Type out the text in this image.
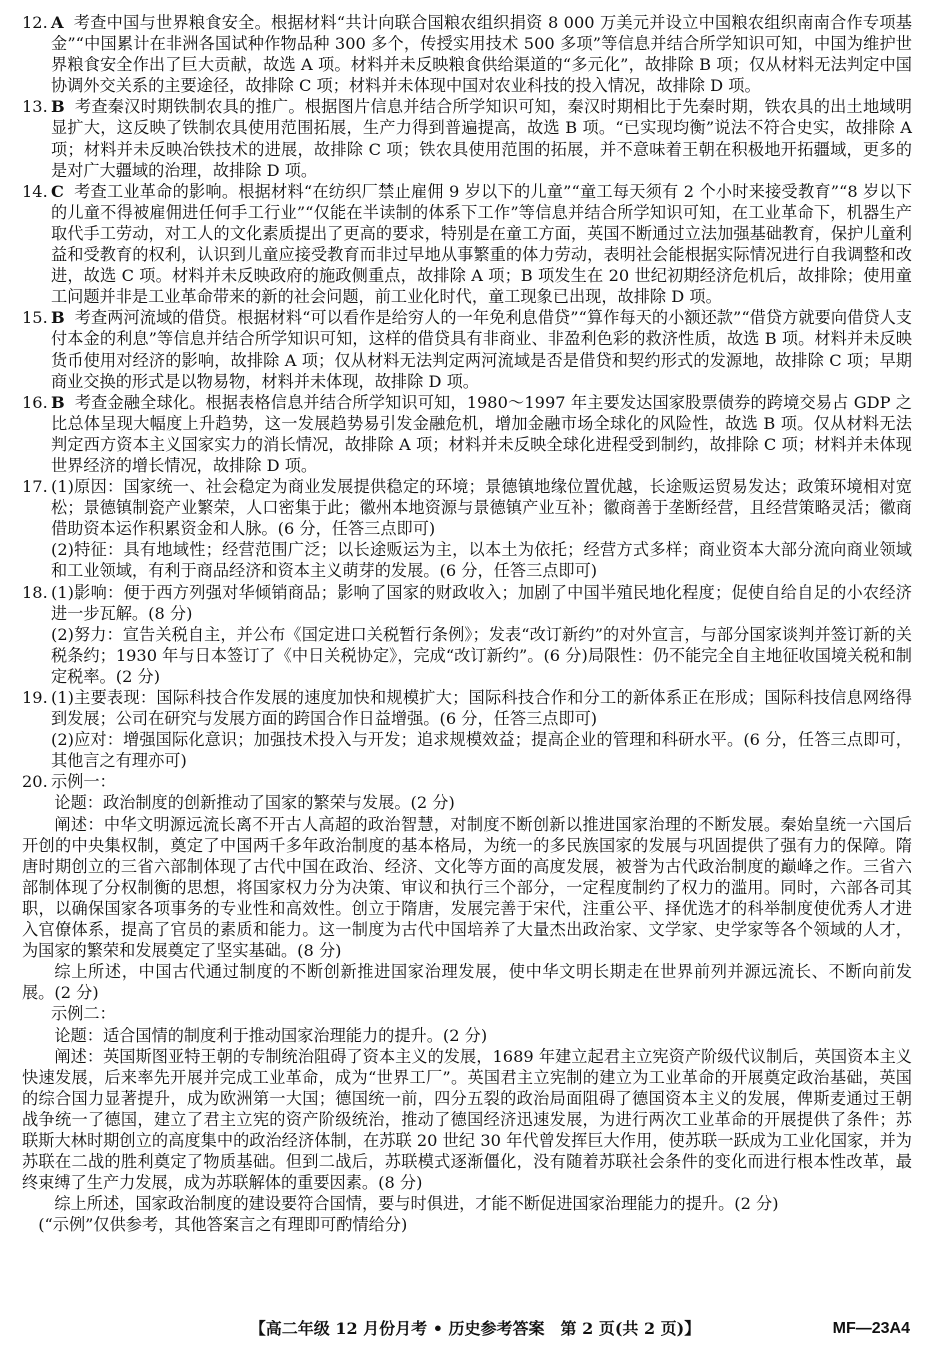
12. A 考查中国与世界粮食安全。根据材料“共计向联合国粮农组织捐资 8 000 万美元并设立中国粮农组织南南合作专项基金”“中国累计在非洲各国试种作物品种 300 多个，传授实用技术 500 多项”等信息并结合所学知识可知，中国为维护世界粮食安全作出了巨大贡献，故选 A 项。材料并未反映粮食供给渠道的“多元化”，故排除 B 项；仅从材料无法判定中国协调外交关系的主要途径，故排除 C 项；材料并未体现中国对农业科技的投入情况，故排除 D 项。
13. B 考查秦汉时期铁制农具的推广。根据图片信息并结合所学知识可知，秦汉时期相比于先秦时期，铁农具的出土地域明显扩大，这反映了铁制农具使用范围拓展，生产力得到普遍提高，故选 B 项。“已实现均衡”说法不符合史实，故排除 A 项；材料并未反映冶铁技术的进展，故排除 C 项；铁农具使用范围的拓展，并不意味着王朝在积极地开拓疆域，更多的是对广大疆域的治理，故排除 D 项。
14. C 考查工业革命的影响。根据材料“在纺织厂禁止雇佣 9 岁以下的儿童”“童工每天须有 2 个小时来接受教育”“8 岁以下的儿童不得被雇佣进任何手工行业”“仅能在半读制的体系下工作”等信息并结合所学知识可知，在工业革命下，机器生产取代手工劳动，对工人的文化素质提出了更高的要求，特别是在童工方面，英国不断通过立法加强基础教育，保护儿童利益和受教育的权利，认识到儿童应接受教育而非过早地从事繁重的体力劳动，表明社会能根据实际情况进行自我调整和改进，故选 C 项。材料并未反映政府的施政侧重点，故排除 A 项；B 项发生在 20 世纪初期经济危机后，故排除；使用童工问题并非是工业革命带来的新的社会问题，前工业化时代，童工现象已出现，故排除 D 项。
15. B 考查两河流域的借贷。根据材料“可以看作是给穷人的一年免利息借贷”“算作每天的小额还款”“借贷方就要向借贷人支付本金的利息”等信息并结合所学知识可知，这样的借贷具有非商业、非盈利色彩的救济性质，故选 B 项。材料并未反映货币使用对经济的影响，故排除 A 项；仅从材料无法判定两河流域是否是借贷和契约形式的发源地，故排除 C 项；早期商业交换的形式是以物易物，材料并未体现，故排除 D 项。
16. B 考查金融全球化。根据表格信息并结合所学知识可知，1980～1997 年主要发达国家股票债券的跨境交易占 GDP 之比总体呈现大幅度上升趋势，这一发展趋势易引发金融危机，增加金融市场全球化的风险性，故选 B 项。仅从材料无法判定西方资本主义国家实力的消长情况，故排除 A 项；材料并未反映全球化进程受到制约，故排除 C 项；材料并未体现世界经济的增长情况，故排除 D 项。
17. (1)原因：国家统一、社会稳定为商业发展提供稳定的环境；景德镇地缘位置优越，长途贩运贸易发达；政策环境相对宽松；景德镇制瓷产业繁荣，人口密集于此；徽州本地资源与景德镇产业互补；徽商善于垄断经营，且经营策略灵活；徽商借助资本运作积累资金和人脉。(6 分，任答三点即可)
(2)特征：具有地域性；经营范围广泛；以长途贩运为主，以本土为依托；经营方式多样；商业资本大部分流向商业领域和工业领域，有利于商品经济和资本主义萌芽的发展。(6 分，任答三点即可)
18. (1)影响：便于西方列强对华倾销商品；影响了国家的财政收入；加剧了中国半殖民地化程度；促使自给自足的小农经济进一步瓦解。(8 分)
(2)努力：宣告关税自主，并公布《国定进口关税暂行条例》；发表“改订新约”的对外宣言，与部分国家谈判并签订新的关税条约；1930 年与日本签订了《中日关税协定》，完成“改订新约”。(6 分)局限性：仍不能完全自主地征收国境关税和制定税率。(2 分)
19. (1)主要表现：国际科技合作发展的速度加快和规模扩大；国际科技合作和分工的新体系正在形成；国际科技信息网络得到发展；公司在研究与发展方面的跨国合作日益增强。(6 分，任答三点即可)
(2)应对：增强国际化意识；加强技术投入与开发；追求规模效益；提高企业的管理和科研水平。(6 分，任答三点即可，其他言之有理亦可)
20. 示例一：
论题：政治制度的创新推动了国家的繁荣与发展。(2 分)
阐述：中华文明源远流长离不开古人高超的政治智慧，对制度不断创新以推进国家治理的不断发展。秦始皇统一六国后开创的中央集权制，奠定了中国两千多年政治制度的基本格局，为统一的多民族国家的发展与巩固提供了强有力的保障。隋唐时期创立的三省六部制体现了古代中国在政治、经济、文化等方面的高度发展，被誉为古代政治制度的巅峰之作。三省六部制体现了分权制衡的思想，将国家权力分为决策、审议和执行三个部分，一定程度制约了权力的滥用。同时，六部各司其职，以确保国家各项事务的专业性和高效性。创立于隋唐，发展完善于宋代，注重公平、择优选才的科举制度使优秀人才进入官僚体系，提高了官员的素质和能力。这一制度为古代中国培养了大量杰出政治家、文学家、史学家等各个领域的人才，为国家的繁荣和发展奠定了坚实基础。(8 分)
综上所述，中国古代通过制度的不断创新推进国家治理发展，使中华文明长期走在世界前列并源远流长、不断向前发展。(2 分)
示例二：
论题：适合国情的制度利于推动国家治理能力的提升。(2 分)
阐述：英国斯图亚特王朝的专制统治阻碍了资本主义的发展，1689 年建立起君主立宪资产阶级代议制后，英国资本主义快速发展，后来率先开展并完成工业革命，成为“世界工厂”。英国君主立宪制的建立为工业革命的开展奠定政治基础，英国的综合国力显著提升，成为欧洲第一大国；德国统一前，四分五裂的政治局面阻碍了德国资本主义的发展，俾斯麦通过王朝战争统一了德国，建立了君主立宪的资产阶级统治，推动了德国经济迅速发展，为进行两次工业革命的开展提供了条件；苏联斯大林时期创立的高度集中的政治经济体制，在苏联 20 世纪 30 年代曾发挥巨大作用，使苏联一跃成为工业化国家，并为苏联在二战的胜利奠定了物质基础。但到二战后，苏联模式逐渐僵化，没有随着苏联社会条件的变化而进行根本性改革，最终束缚了生产力发展，成为苏联解体的重要因素。(8 分)
综上所述，国家政治制度的建设要符合国情，要与时俱进，才能不断促进国家治理能力的提升。(2 分)
(“示例”仅供参考，其他答案言之有理即可酌情给分)
【高二年级 12 月份月考 • 历史参考答案　第 2 页(共 2 页)】	MF—23A4
